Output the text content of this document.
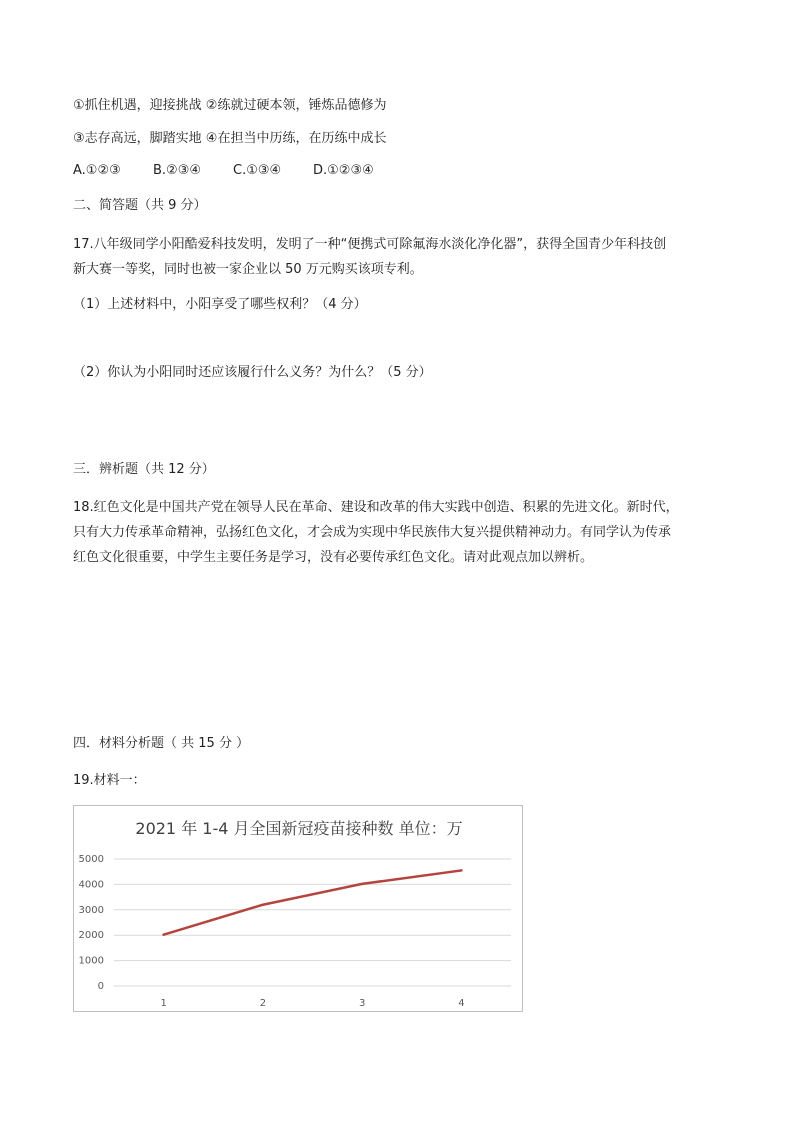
①抓住机遇，迎接挑战 ②练就过硬本领，锤炼品德修为
③志存高远，脚踏实地 ④在担当中历练，在历练中成长
A.①②③ B.②③④ C.①③④ D.①②③④
二、简答题（共 9 分）
17.八年级同学小阳酷爱科技发明，发明了一种“便携式可除氟海水淡化净化器”，获得全国青少年科技创
新大赛一等奖，同时也被一家企业以 50 万元购买该项专利。
（1）上述材料中，小阳享受了哪些权利？（4 分）
（2）你认为小阳同时还应该履行什么义务？为什么？（5 分）
三．辨析题（共 12 分）
18.红色文化是中国共产党在领导人民在革命、建设和改革的伟大实践中创造、积累的先进文化。新时代，
只有大力传承革命精神，弘扬红色文化，才会成为实现中华民族伟大复兴提供精神动力。有同学认为传承
红色文化很重要，中学生主要任务是学习，没有必要传承红色文化。请对此观点加以辨析。
四．材料分析题（ 共 15 分 ）
19.材料一：
2021 年 1-4 月全国新冠疫苗接种数 单位：万
0
1000
2000
3000
4000
5000
1	2	3	4
